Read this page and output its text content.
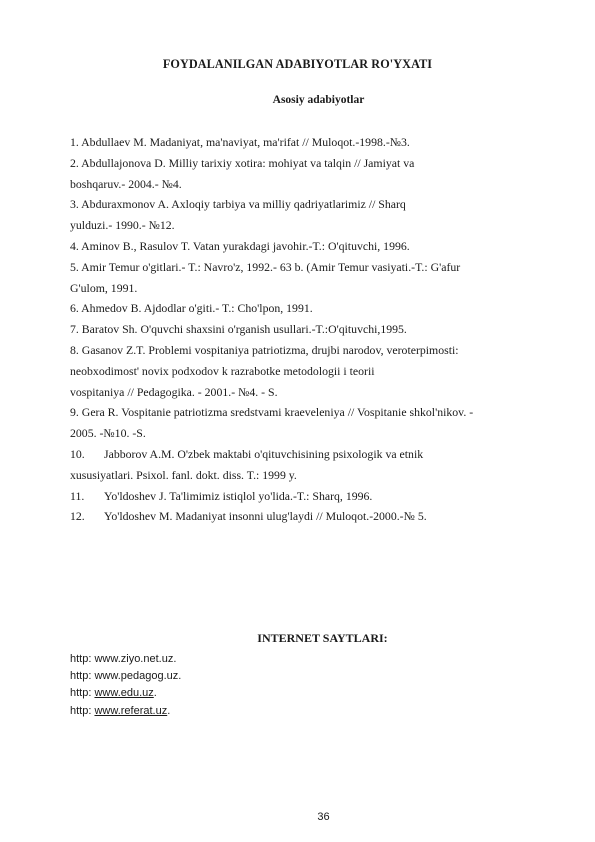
FOYDALANILGAN ADABIYOTLAR RO'YXATI
Asosiy adabiyotlar
1. Abdullaev M. Madaniyat, ma'naviyat, ma'rifat // Muloqot.-1998.-№3.
2. Abdullajonova D. Milliy tarixiy xotira: mohiyat va talqin // Jamiyat va
boshqaruv.- 2004.- №4.
3. Abduraxmonov A. Axloqiy tarbiya va milliy qadriyatlarimiz // Sharq
yulduzi.- 1990.- №12.
4. Aminov B., Rasulov T. Vatan yurakdagi javohir.-T.: O'qituvchi, 1996.
5. Amir Temur o'gitlari.- T.: Navro'z, 1992.- 63 b. (Amir Temur vasiyati.-T.: G'afur
G'ulom, 1991.
6. Ahmedov B. Ajdodlar o'giti.- T.: Cho'lpon, 1991.
7. Baratov Sh. O'quvchi shaxsini o'rganish usullari.-T.:O'qituvchi,1995.
8. Gasanov Z.T. Problemi vospitaniya patriotizma, drujbi narodov, veroterpimosti:
neobxodimost' novix podxodov k razrabotke metodologii i teorii
vospitaniya // Pedagogika. - 2001.- №4. - S.
9. Gera R. Vospitanie patriotizma sredstvami kraeveleniya // Vospitanie shkol'nikov. -
2005. -№10. -S.
10. Jabborov A.M. O'zbek maktabi o'qituvchisining psixologik va etnik
xususiyatlari. Psixol. fanl. dokt. diss. T.: 1999 y.
11. Yo'ldoshev J. Ta'limimiz istiqlol yo'lida.-T.: Sharq, 1996.
12. Yo'ldoshev M. Madaniyat insonni ulug'laydi // Muloqot.-2000.-№ 5.
INTERNET SAYTLARI:
http: www.ziyo.net.uz.
http: www.pedagog.uz.
http: www.edu.uz.
http: www.referat.uz.
36
